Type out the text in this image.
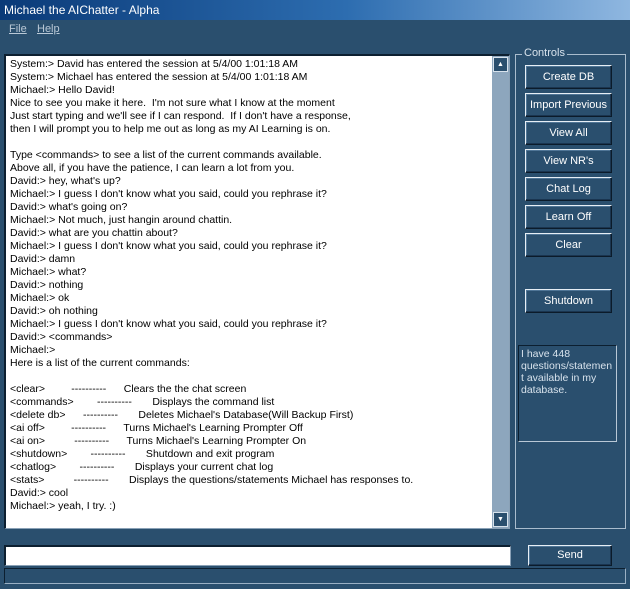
Michael the AIChatter - Alpha
File Help
System:> David has entered the session at 5/4/00 1:01:18 AM
System:> Michael has entered the session at 5/4/00 1:01:18 AM
Michael:> Hello David!
Nice to see you make it here.  I'm not sure what I know at the moment
Just start typing and we'll see if I can respond.  If I don't have a response,
then I will prompt you to help me out as long as my AI Learning is on.
Type <commands> to see a list of the current commands available.
Above all, if you have the patience, I can learn a lot from you.
David:> hey, what's up?
Michael:> I guess I don't know what you said, could you rephrase it?
David:> what's going on?
Michael:> Not much, just hangin around chattin.
David:> what are you chattin about?
Michael:> I guess I don't know what you said, could you rephrase it?
David:> damn
Michael:> what?
David:> nothing
Michael:> ok
David:> oh nothing
Michael:> I guess I don't know what you said, could you rephrase it?
David:> <commands>
Michael:>
Here is a list of the current commands:
<clear>         ----------      Clears the the chat screen
<commands>        ----------       Displays the command list
<delete db>      ----------       Deletes Michael's Database(Will Backup First)
<ai off>         ----------      Turns Michael's Learning Prompter Off
<ai on>          ----------      Turns Michael's Learning Prompter On
<shutdown>        ----------       Shutdown and exit program
<chatlog>        ----------       Displays your current chat log
<stats>          ----------       Displays the questions/statements Michael has responses to.
David:> cool
Michael:> yeah, I try. :)
▲
▼
Controls
Create DB
Import Previous
View All
View NR's
Chat Log
Learn Off
Clear
Shutdown
I have 448 questions/statement available in my database.
Send
